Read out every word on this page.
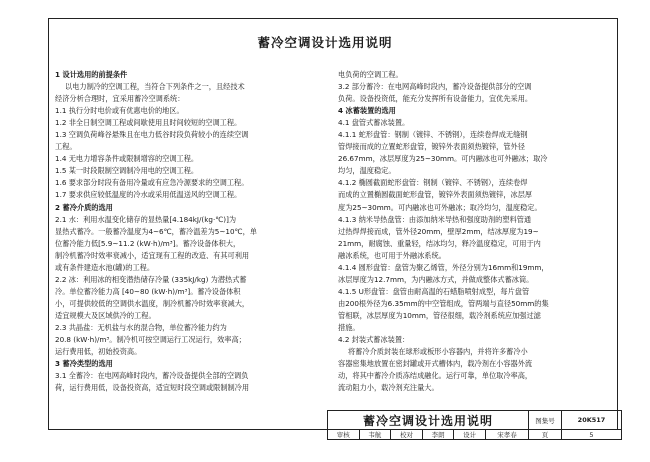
蓄冷空调设计选用说明

1 设计选用的前提条件

以电力制冷的空调工程，当符合下列条件之一，且经技术

经济分析合理时，宜采用蓄冷空调系统：

1.1 执行分时电价或有优惠电价的地区。

1.2 非全日制空调工程或间歇使用且时间较短的空调工程。

1.3 空调负荷峰谷悬殊且在电力低谷时段负荷较小的连续空调

工程。

1.4 无电力增容条件或限制增容的空调工程。

1.5 某一时段限制空调制冷用电的空调工程。

1.6 要求部分时段有备用冷量或有应急冷源要求的空调工程。

1.7 要求供应较低温度的冷水或采用低温送风的空调工程。

2 蓄冷介质的选用

2.1 水：利用水温变化储存的显热量[4.184kJ/(kg·℃)]为

显热式蓄冷。一般蓄冷温度为4~6℃，蓄冷温差为5~10℃，单

位蓄冷能力低[5.9~11.2 (kW·h)/m³]。蓄冷设备体积大，

制冷机蓄冷时效率衰减小，适宜现有工程的改造、有其可利用

或有条件建造水池(罐)的工程。

2.2 冰：利用冰的相变潜热储存冷量 (335kJ/kg) 为潜热式蓄

冷。单位蓄冷能力高 [40~80 (kW·h)/m³]。蓄冷设备体积

小，可提供较低的空调供水温度，制冷机蓄冷时效率衰减大，

适宜规模大及区域供冷的工程。

2.3 共晶盐：无机盐与水的混合物，单位蓄冷能力约为

20.8 (kW·h)/m³。制冷机可按空调运行工况运行，效率高；

运行费用低，初始投资高。

3 蓄冷类型的选用

3.1 全蓄冷：在电网高峰时段内，蓄冷设备提供全部的空调负

荷，运行费用低，设备投资高，适宜短时段空调或限制制冷用

电负荷的空调工程。

3.2 部分蓄冷：在电网高峰时段内，蓄冷设备提供部分的空调

负荷。设备投资低，能充分发挥所有设备能力，宜优先采用。

4 冰蓄装置的选用

4.1 盘管式蓄冰装置。

4.1.1 蛇形盘管：钢制（镀锌、不锈钢），连续卷焊成无缝钢

管焊接而成的立置蛇形盘管，镀锌外表面须热镀锌，管外径

26.67mm，冰层厚度为25~30mm。可内融冰也可外融冰；取冷

均匀，温度稳定。

4.1.2 椭圆截面蛇形盘管：钢制（镀锌、不锈钢），连续卷焊

而成的立置椭圆截面蛇形盘管，镀锌外表面须热镀锌，冰层厚

度为25~30mm。可内融冰也可外融冰；取冷均匀，温度稳定。

4.1.3 纳米导热盘管：由添加纳米导热和强度助剂的塑料管通

过热焊焊接而成，管外径20mm，壁厚2mm，结冰厚度为19~

21mm，耐腐蚀、重量轻，结冰均匀，释冷温度稳定，可用于内

融冰系统，也可用于外融冰系统。

4.1.4 圆形盘管：盘管为聚乙烯管，外径分别为16mm和19mm，

冰层厚度为12.7mm，为内融冰方式，并做成整体式蓄冰筒。

4.1.5 U形盘管：盘管由耐高温的石蜡脂喷射成型，每片盘管

由200根外径为6.35mm的中空管组成，管两端与直径50mm的集

管相联，冰层厚度为10mm，管径很细，载冷剂系统应加强过滤

措施。

4.2 封装式蓄冰装置：

将蓄冷介质封装在球形或板形小容器内，并将许多蓄冷小

容器密集地放置在密封罐或开式槽体内，载冷剂在小容器外流

动，将其中蓄冷介质冻结成融化。运行可靠，单位取冷率高，

流动阻力小，载冷剂充注量大。

蓄冷空调设计选用说明						图集号	20K517
审核	韦航	校对	李朗	设计	宋孝春	页	5
